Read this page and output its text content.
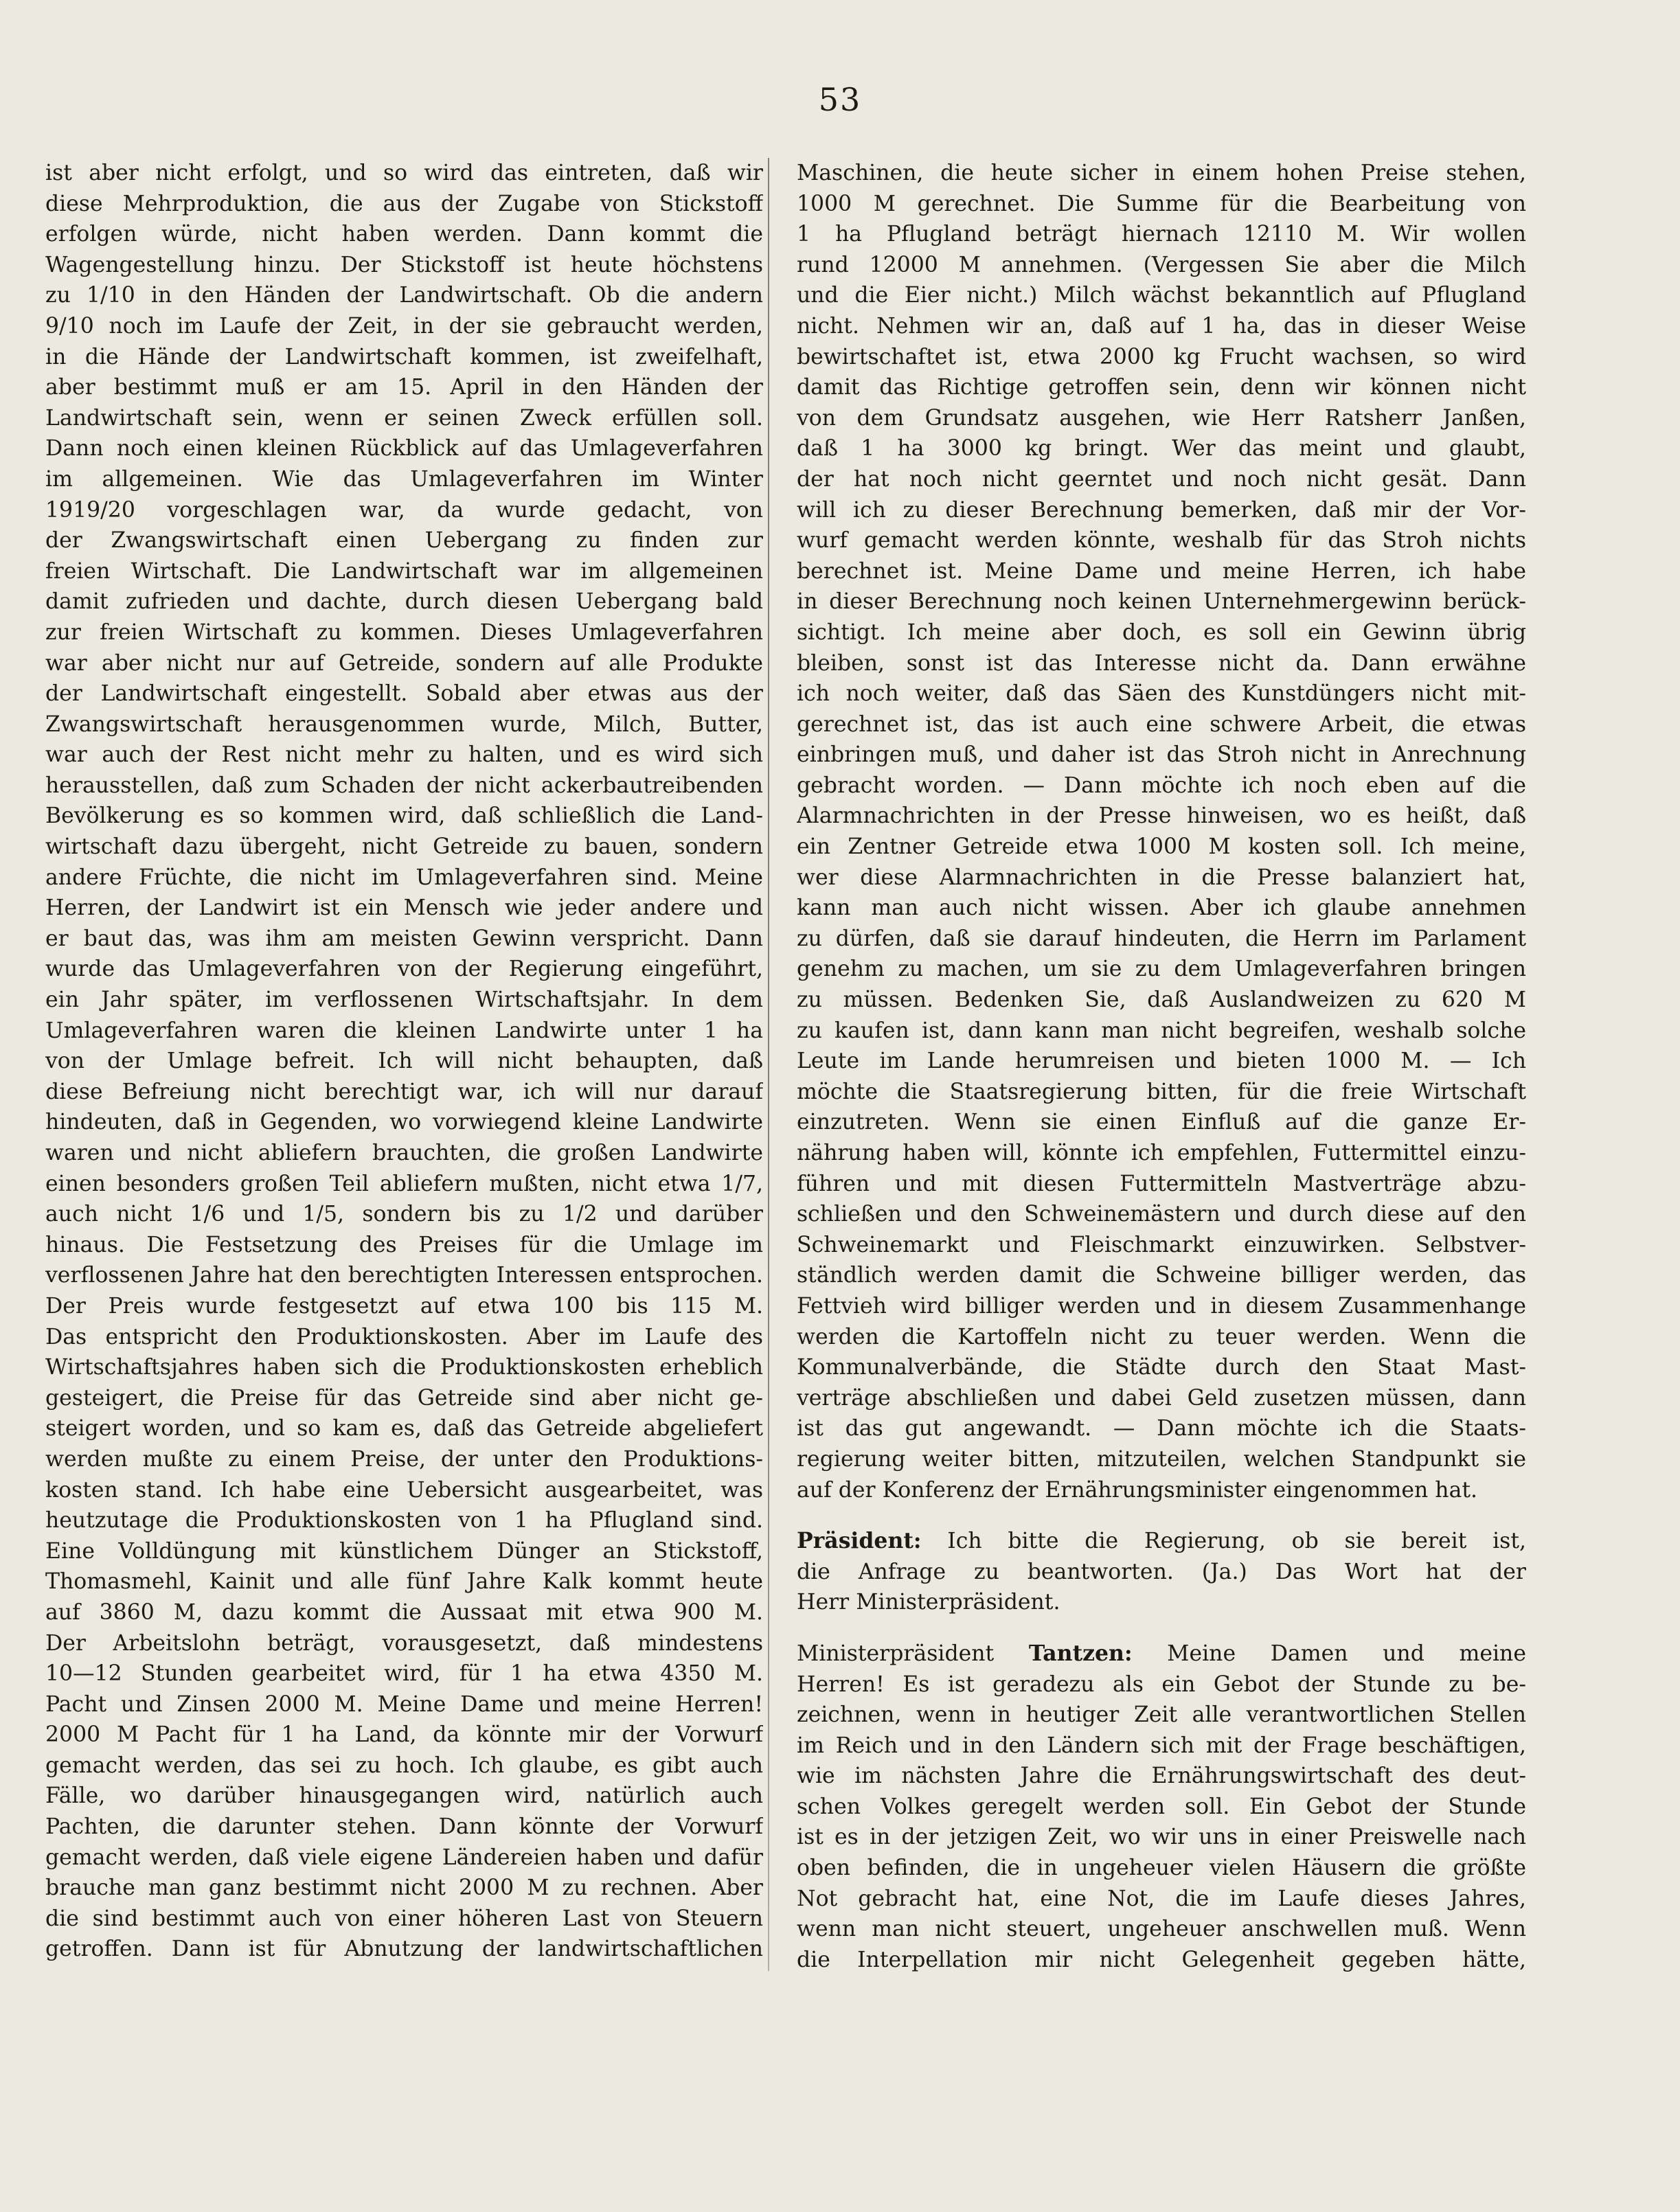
53
ist aber nicht erfolgt, und so wird das eintreten, daß wir
diese Mehrproduktion, die aus der Zugabe von Stickstoff
erfolgen würde, nicht haben werden. Dann kommt die
Wagengestellung hinzu. Der Stickstoff ist heute höchstens
zu 1/10 in den Händen der Landwirtschaft. Ob die andern
9/10 noch im Laufe der Zeit, in der sie gebraucht werden,
in die Hände der Landwirtschaft kommen, ist zweifelhaft,
aber bestimmt muß er am 15. April in den Händen der
Landwirtschaft sein, wenn er seinen Zweck erfüllen soll.
Dann noch einen kleinen Rückblick auf das Umlageverfahren
im allgemeinen. Wie das Umlageverfahren im Winter
1919/20 vorgeschlagen war, da wurde gedacht, von
der Zwangswirtschaft einen Uebergang zu finden zur
freien Wirtschaft. Die Landwirtschaft war im allgemeinen
damit zufrieden und dachte, durch diesen Uebergang bald
zur freien Wirtschaft zu kommen. Dieses Umlageverfahren
war aber nicht nur auf Getreide, sondern auf alle Produkte
der Landwirtschaft eingestellt. Sobald aber etwas aus der
Zwangswirtschaft herausgenommen wurde, Milch, Butter,
war auch der Rest nicht mehr zu halten, und es wird sich
herausstellen, daß zum Schaden der nicht ackerbautreibenden
Bevölkerung es so kommen wird, daß schließlich die Land-
wirtschaft dazu übergeht, nicht Getreide zu bauen, sondern
andere Früchte, die nicht im Umlageverfahren sind. Meine
Herren, der Landwirt ist ein Mensch wie jeder andere und
er baut das, was ihm am meisten Gewinn verspricht. Dann
wurde das Umlageverfahren von der Regierung eingeführt,
ein Jahr später, im verflossenen Wirtschaftsjahr. In dem
Umlageverfahren waren die kleinen Landwirte unter 1 ha
von der Umlage befreit. Ich will nicht behaupten, daß
diese Befreiung nicht berechtigt war, ich will nur darauf
hindeuten, daß in Gegenden, wo vorwiegend kleine Landwirte
waren und nicht abliefern brauchten, die großen Landwirte
einen besonders großen Teil abliefern mußten, nicht etwa 1/7,
auch nicht 1/6 und 1/5, sondern bis zu 1/2 und darüber
hinaus. Die Festsetzung des Preises für die Umlage im
verflossenen Jahre hat den berechtigten Interessen entsprochen.
Der Preis wurde festgesetzt auf etwa 100 bis 115 M.
Das entspricht den Produktionskosten. Aber im Laufe des
Wirtschaftsjahres haben sich die Produktionskosten erheblich
gesteigert, die Preise für das Getreide sind aber nicht ge-
steigert worden, und so kam es, daß das Getreide abgeliefert
werden mußte zu einem Preise, der unter den Produktions-
kosten stand. Ich habe eine Uebersicht ausgearbeitet, was
heutzutage die Produktionskosten von 1 ha Pflugland sind.
Eine Volldüngung mit künstlichem Dünger an Stickstoff,
Thomasmehl, Kainit und alle fünf Jahre Kalk kommt heute
auf 3860 M, dazu kommt die Aussaat mit etwa 900 M.
Der Arbeitslohn beträgt, vorausgesetzt, daß mindestens
10—12 Stunden gearbeitet wird, für 1 ha etwa 4350 M.
Pacht und Zinsen 2000 M. Meine Dame und meine Herren!
2000 M Pacht für 1 ha Land, da könnte mir der Vorwurf
gemacht werden, das sei zu hoch. Ich glaube, es gibt auch
Fälle, wo darüber hinausgegangen wird, natürlich auch
Pachten, die darunter stehen. Dann könnte der Vorwurf
gemacht werden, daß viele eigene Ländereien haben und dafür
brauche man ganz bestimmt nicht 2000 M zu rechnen. Aber
die sind bestimmt auch von einer höheren Last von Steuern
getroffen. Dann ist für Abnutzung der landwirtschaftlichen
Maschinen, die heute sicher in einem hohen Preise stehen,
1000 M gerechnet. Die Summe für die Bearbeitung von
1 ha Pflugland beträgt hiernach 12110 M. Wir wollen
rund 12000 M annehmen. (Vergessen Sie aber die Milch
und die Eier nicht.) Milch wächst bekanntlich auf Pflugland
nicht. Nehmen wir an, daß auf 1 ha, das in dieser Weise
bewirtschaftet ist, etwa 2000 kg Frucht wachsen, so wird
damit das Richtige getroffen sein, denn wir können nicht
von dem Grundsatz ausgehen, wie Herr Ratsherr Janßen,
daß 1 ha 3000 kg bringt. Wer das meint und glaubt,
der hat noch nicht geerntet und noch nicht gesät. Dann
will ich zu dieser Berechnung bemerken, daß mir der Vor-
wurf gemacht werden könnte, weshalb für das Stroh nichts
berechnet ist. Meine Dame und meine Herren, ich habe
in dieser Berechnung noch keinen Unternehmergewinn berück-
sichtigt. Ich meine aber doch, es soll ein Gewinn übrig
bleiben, sonst ist das Interesse nicht da. Dann erwähne
ich noch weiter, daß das Säen des Kunstdüngers nicht mit-
gerechnet ist, das ist auch eine schwere Arbeit, die etwas
einbringen muß, und daher ist das Stroh nicht in Anrechnung
gebracht worden. — Dann möchte ich noch eben auf die
Alarmnachrichten in der Presse hinweisen, wo es heißt, daß
ein Zentner Getreide etwa 1000 M kosten soll. Ich meine,
wer diese Alarmnachrichten in die Presse balanziert hat,
kann man auch nicht wissen. Aber ich glaube annehmen
zu dürfen, daß sie darauf hindeuten, die Herrn im Parlament
genehm zu machen, um sie zu dem Umlageverfahren bringen
zu müssen. Bedenken Sie, daß Auslandweizen zu 620 M
zu kaufen ist, dann kann man nicht begreifen, weshalb solche
Leute im Lande herumreisen und bieten 1000 M. — Ich
möchte die Staatsregierung bitten, für die freie Wirtschaft
einzutreten. Wenn sie einen Einfluß auf die ganze Er-
nährung haben will, könnte ich empfehlen, Futtermittel einzu-
führen und mit diesen Futtermitteln Mastverträge abzu-
schließen und den Schweinemästern und durch diese auf den
Schweinemarkt und Fleischmarkt einzuwirken. Selbstver-
ständlich werden damit die Schweine billiger werden, das
Fettvieh wird billiger werden und in diesem Zusammenhange
werden die Kartoffeln nicht zu teuer werden. Wenn die
Kommunalverbände, die Städte durch den Staat Mast-
verträge abschließen und dabei Geld zusetzen müssen, dann
ist das gut angewandt. — Dann möchte ich die Staats-
regierung weiter bitten, mitzuteilen, welchen Standpunkt sie
auf der Konferenz der Ernährungsminister eingenommen hat.
Präsident: Ich bitte die Regierung, ob sie bereit ist,
die Anfrage zu beantworten. (Ja.) Das Wort hat der
Herr Ministerpräsident.
Ministerpräsident Tantzen: Meine Damen und meine
Herren! Es ist geradezu als ein Gebot der Stunde zu be-
zeichnen, wenn in heutiger Zeit alle verantwortlichen Stellen
im Reich und in den Ländern sich mit der Frage beschäftigen,
wie im nächsten Jahre die Ernährungswirtschaft des deut-
schen Volkes geregelt werden soll. Ein Gebot der Stunde
ist es in der jetzigen Zeit, wo wir uns in einer Preiswelle nach
oben befinden, die in ungeheuer vielen Häusern die größte
Not gebracht hat, eine Not, die im Laufe dieses Jahres,
wenn man nicht steuert, ungeheuer anschwellen muß. Wenn
die Interpellation mir nicht Gelegenheit gegeben hätte,
